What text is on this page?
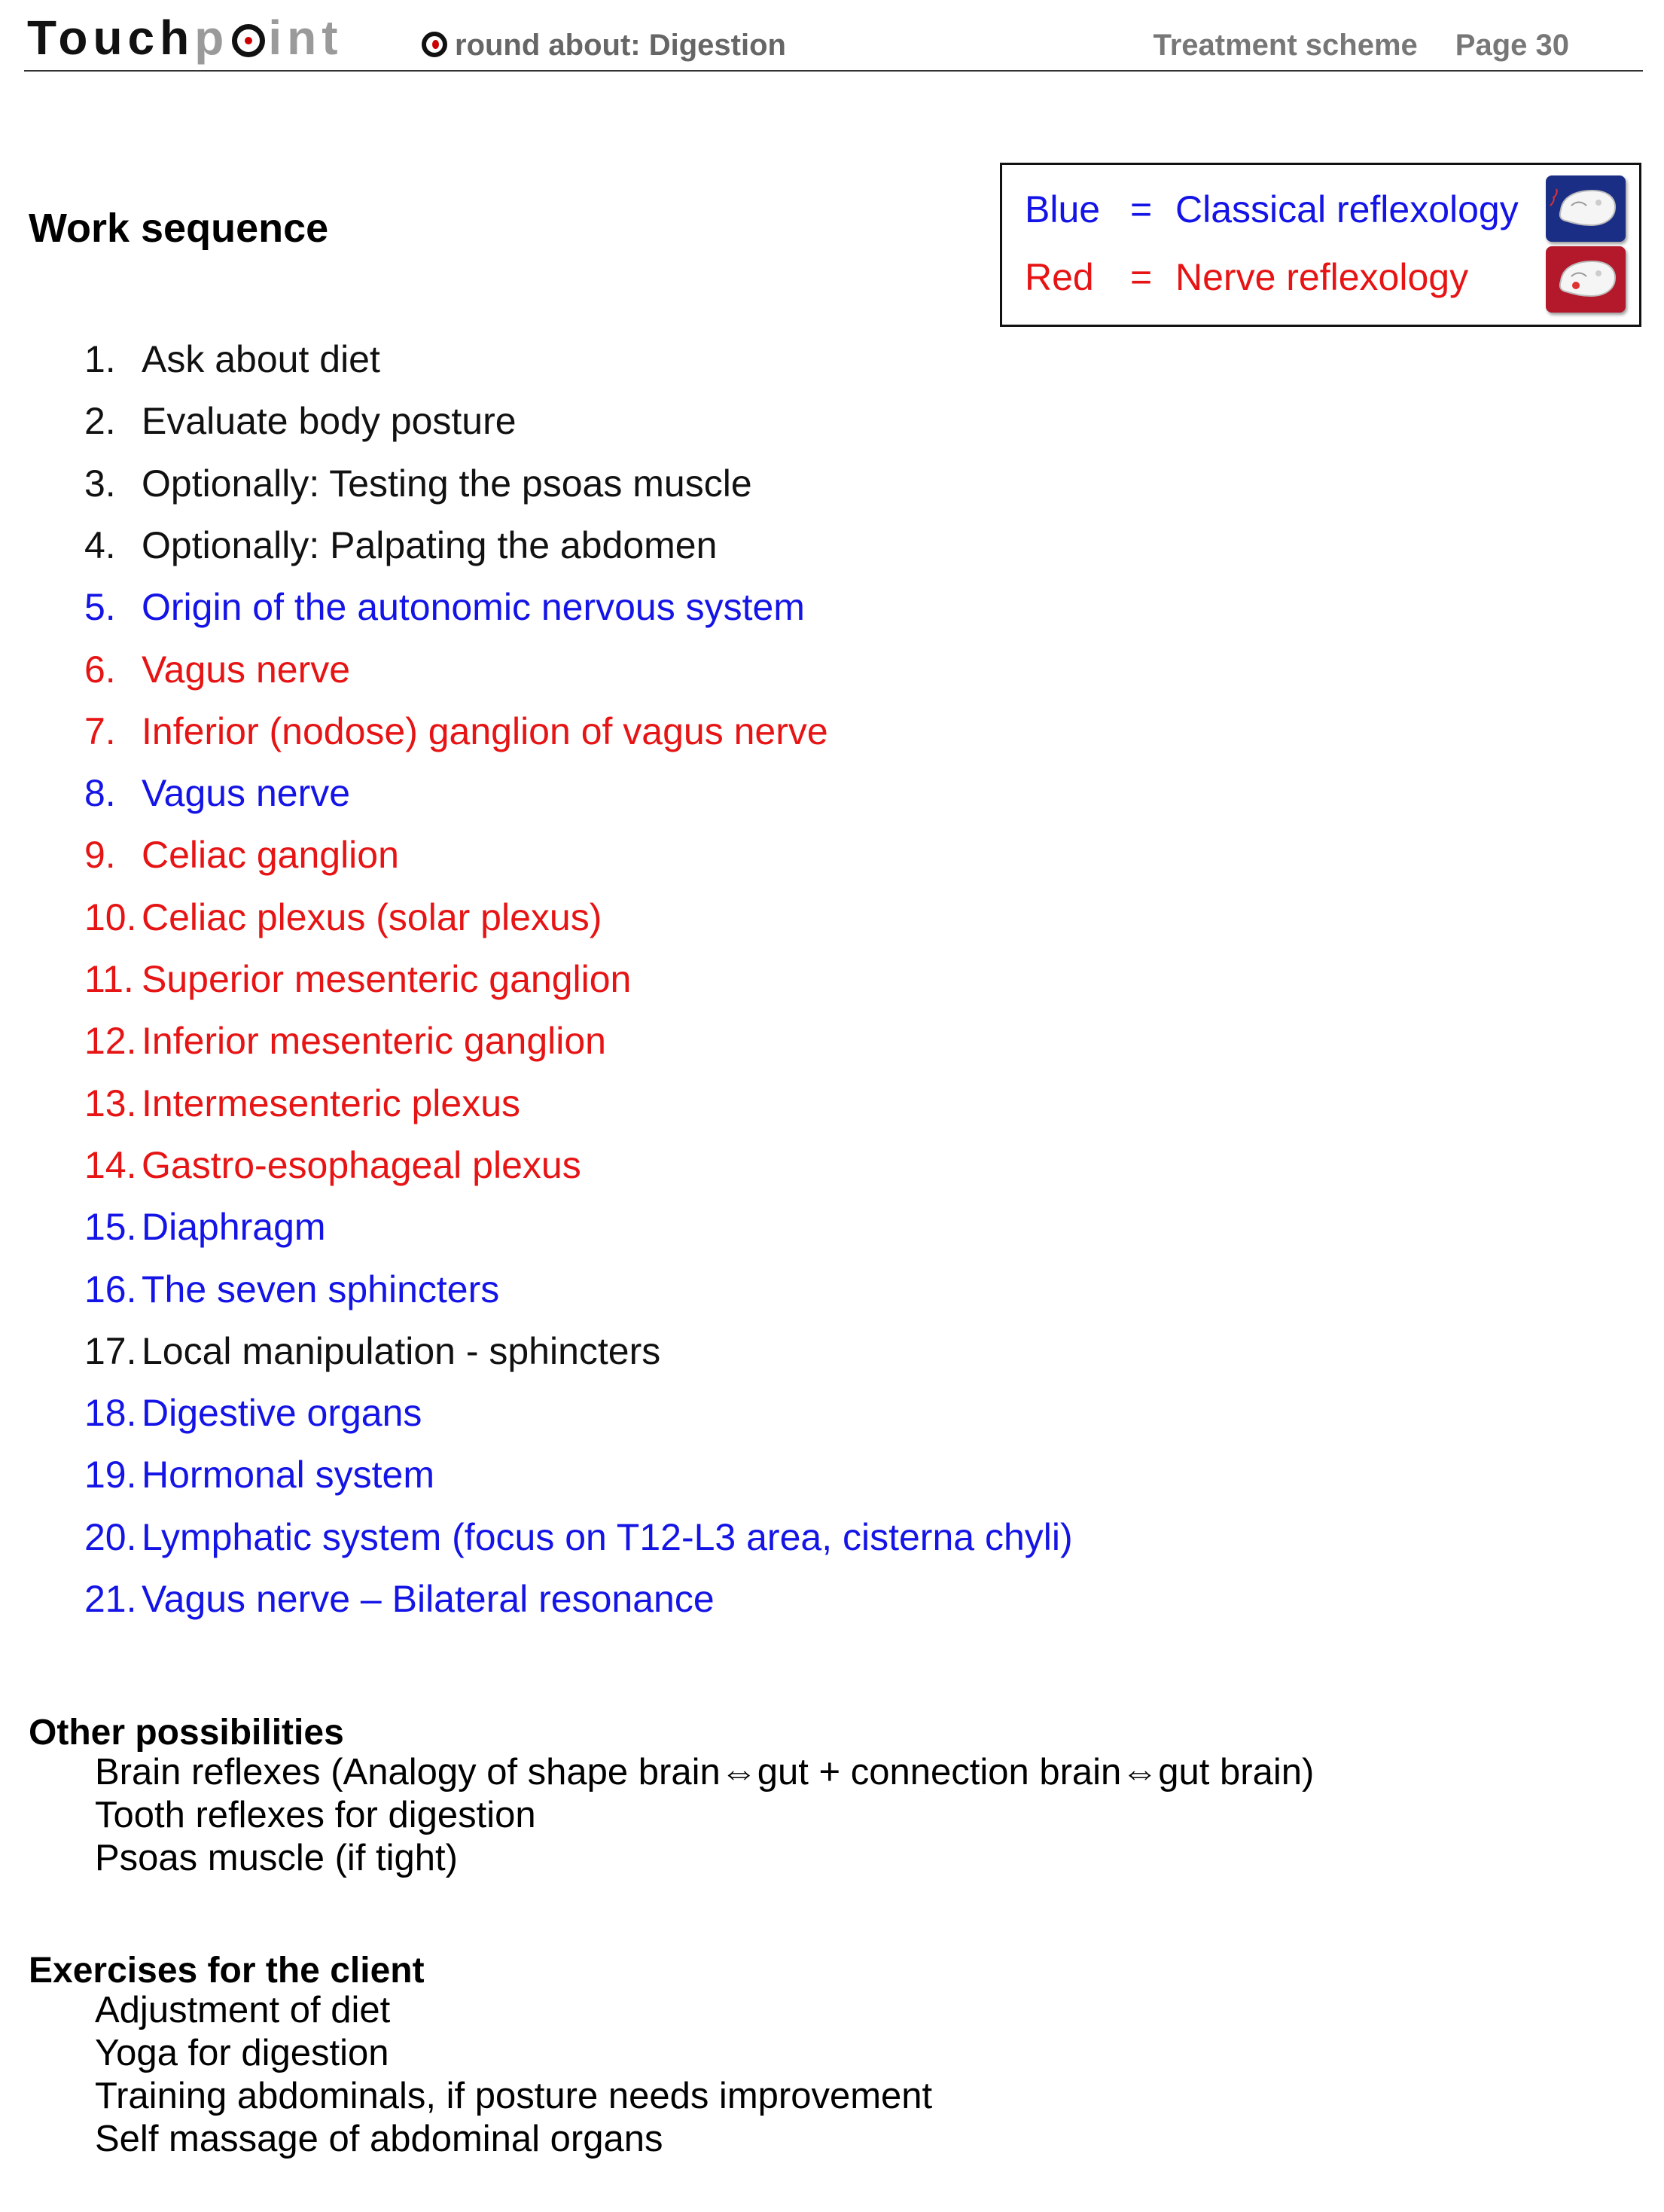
Touchp int	round about: Digestion	Treatment scheme Page 30
Work sequence	Blue = Classical reflexology
Red = Nerve reflexology
1. Ask about diet
2. Evaluate body posture
3. Optionally: Testing the psoas muscle
4. Optionally: Palpating the abdomen
5. Origin of the autonomic nervous system
6. Vagus nerve
7. Inferior (nodose) ganglion of vagus nerve
8. Vagus nerve
9. Celiac ganglion
10. Celiac plexus (solar plexus)
11. Superior mesenteric ganglion
12. Inferior mesenteric ganglion
13. Intermesenteric plexus
14. Gastro-esophageal plexus
15. Diaphragm
16. The seven sphincters
17. Local manipulation - sphincters
18. Digestive organs
19. Hormonal system
20. Lymphatic system (focus on T12-L3 area, cisterna chyli)
21. Vagus nerve – Bilateral resonance
Other possibilities
Brain reflexes (Analogy of shape brain⇔gut + connection brain⇔gut brain)
Tooth reflexes for digestion
Psoas muscle (if tight)
Exercises for the client
Adjustment of diet
Yoga for digestion
Training abdominals, if posture needs improvement
Self massage of abdominal organs
